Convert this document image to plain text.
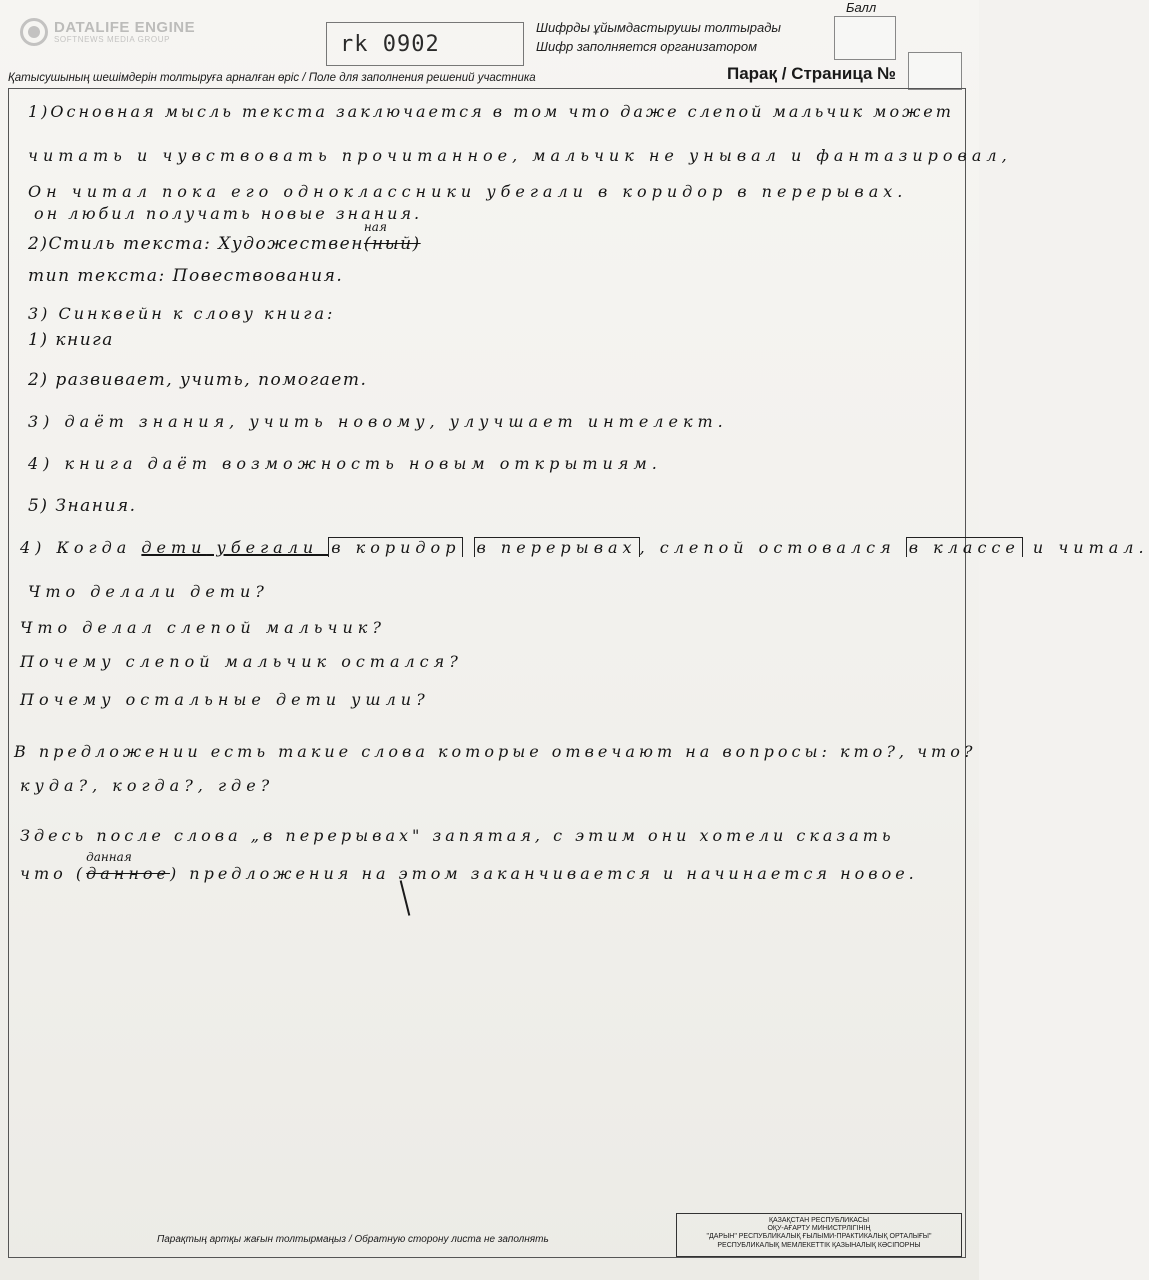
DATALIFE ENGINE
SOFTNEWS MEDIA GROUP
Балл
rk 0902
Шифрды ұйымдастырушы толтырады
Шифр заполняется организатором
Қатысушының шешімдерін толтыруға арналған өріс / Поле для заполнения решений участника	Парақ / Страница №
1)Основная мысль текста заключается в том что даже слепой мальчик может
читать и чувствовать прочитанное, мальчик не унывал и фантазировал,
Он читал пока его одноклассники убегали в коридор в перерывах.
он любил получать новые знания.
2)Стиль текста: Художествен
ная
(ный)
тип текста: Повествования.
3) Синквейн к слову книга:
1) книга
2) развивает, учить, помогает.
3) даёт знания, учить новому, улучшает интелект.
4) книга даёт возможность новым открытиям.
5) Знания.
4) Когда дети убегали в коридор в перерывах , слепой остовался в классе и читал.
Что делали дети?
Что делал слепой мальчик?
Почему слепой мальчик остался?
Почему остальные дети ушли?
В предложении есть такие слова которые отвечают на вопросы: кто?, что?
куда?, когда?, где?
Здесь после слова „в перерывах" запятая, с этим они хотели сказать
что (
данная
данное) предложения на этом заканчивается и начинается новое.
Парақтың артқы жағын толтырмаңыз / Обратную сторону листа не заполнять
ҚАЗАҚСТАН РЕСПУБЛИКАСЫ
ОҚУ-АҒАРТУ МИНИСТРЛІГІНІҢ
"ДАРЫН" РЕСПУБЛИКАЛЫҚ ҒЫЛЫМИ-ПРАКТИКАЛЫҚ ОРТАЛЫҒЫ"
РЕСПУБЛИКАЛЫҚ МЕМЛЕКЕТТІК ҚАЗЫНАЛЫҚ КӘСІПОРНЫ
